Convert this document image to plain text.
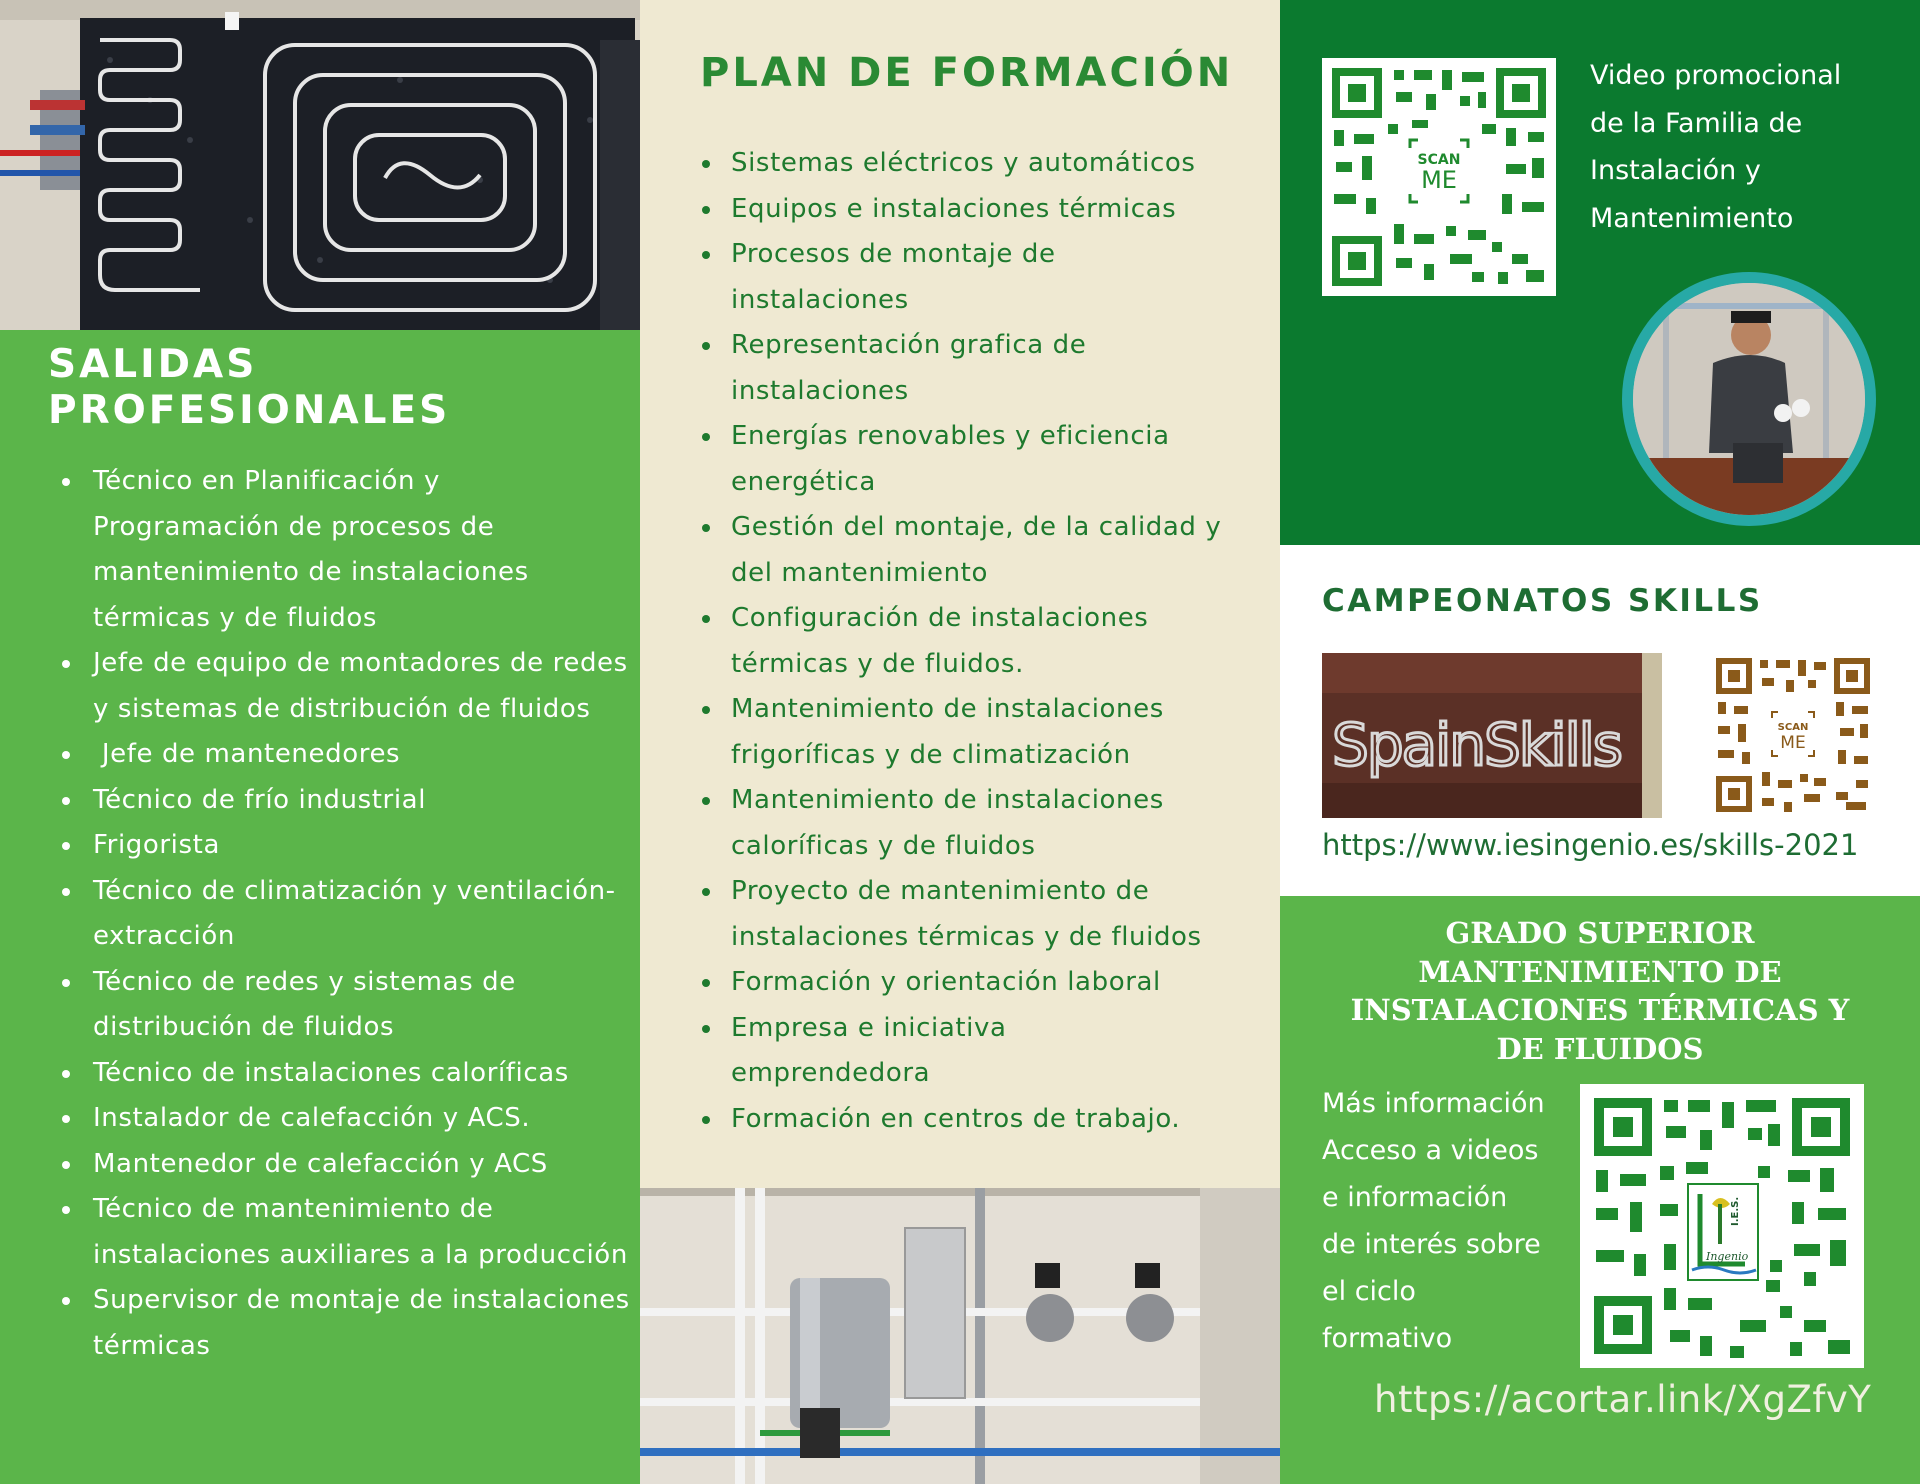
SALIDAS
PROFESIONALES
Técnico en Planificación y Programación de procesos de mantenimiento de instalaciones térmicas y de fluidos
Jefe de equipo de montadores de redes y sistemas de distribución de fluidos
Jefe de mantenedores
Técnico de frío industrial
Frigorista
Técnico de climatización y ventilación-extracción
Técnico de redes y sistemas de distribución de fluidos
Técnico de instalaciones caloríficas
Instalador de calefacción y ACS.
Mantenedor de calefacción y ACS
Técnico de mantenimiento de instalaciones auxiliares a la producción
Supervisor de montaje de instalaciones térmicas
PLAN DE FORMACIÓN
Sistemas eléctricos y automáticos
Equipos e instalaciones térmicas
Procesos de montaje de instalaciones
Representación grafica de instalaciones
Energías renovables y eficiencia energética
Gestión del montaje, de la calidad y del mantenimiento
Configuración de instalaciones térmicas y de fluidos.
Mantenimiento de instalaciones frigoríficas y de climatización
Mantenimiento de instalaciones caloríficas y de fluidos
Proyecto de mantenimiento de instalaciones térmicas y de fluidos
Formación y orientación laboral
Empresa e iniciativa emprendedora
Formación en centros de trabajo.
SCAN
ME
Video promocional
de la Familia de
Instalación y
Mantenimiento
CAMPEONATOS SKILLS
SpainSkills	SCAN
ME
https://www.iesingenio.es/skills-2021
GRADO SUPERIOR
MANTENIMIENTO DE
INSTALACIONES TÉRMICAS Y
DE FLUIDOS
Más información
Acceso a videos
e información
de interés sobre
el ciclo
formativo
I.E.S.
Ingenio
https://acortar.link/XgZfvY
